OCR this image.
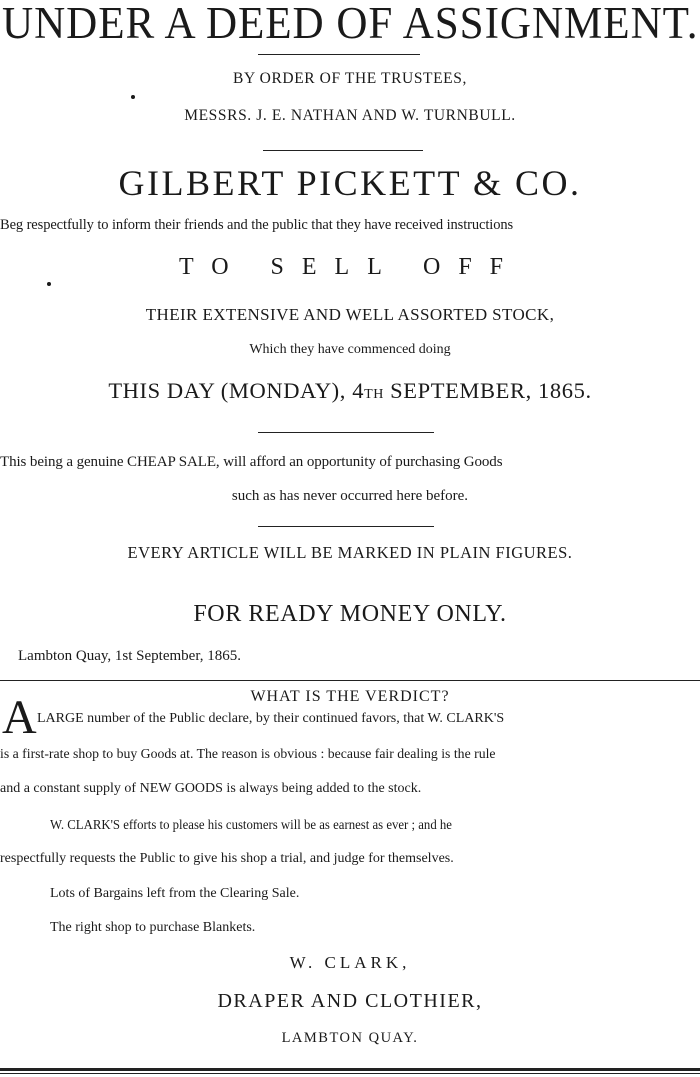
UNDER A DEED OF ASSIGNMENT.
BY ORDER OF THE TRUSTEES,
MESSRS. J. E. NATHAN AND W. TURNBULL.
GILBERT PICKETT & CO.
Beg respectfully to inform their friends and the public that they have received instructions
TO SELL OFF
THEIR EXTENSIVE AND WELL ASSORTED STOCK,
Which they have commenced doing
THIS DAY (MONDAY), 4TH SEPTEMBER, 1865.
This being a genuine CHEAP SALE, will afford an opportunity of purchasing Goods
such as has never occurred here before.
EVERY ARTICLE WILL BE MARKED IN PLAIN FIGURES.
FOR READY MONEY ONLY.
Lambton Quay, 1st September, 1865.
WHAT IS THE VERDICT?
A LARGE number of the Public declare, by their continued favors, that W. CLARK'S
is a first-rate shop to buy Goods at. The reason is obvious : because fair dealing is the rule
and a constant supply of NEW GOODS is always being added to the stock.
W. CLARK'S efforts to please his customers will be as earnest as ever ; and he
respectfully requests the Public to give his shop a trial, and judge for themselves.
Lots of Bargains left from the Clearing Sale.
The right shop to purchase Blankets.
W. CLARK,
DRAPER AND CLOTHIER,
LAMBTON QUAY.
